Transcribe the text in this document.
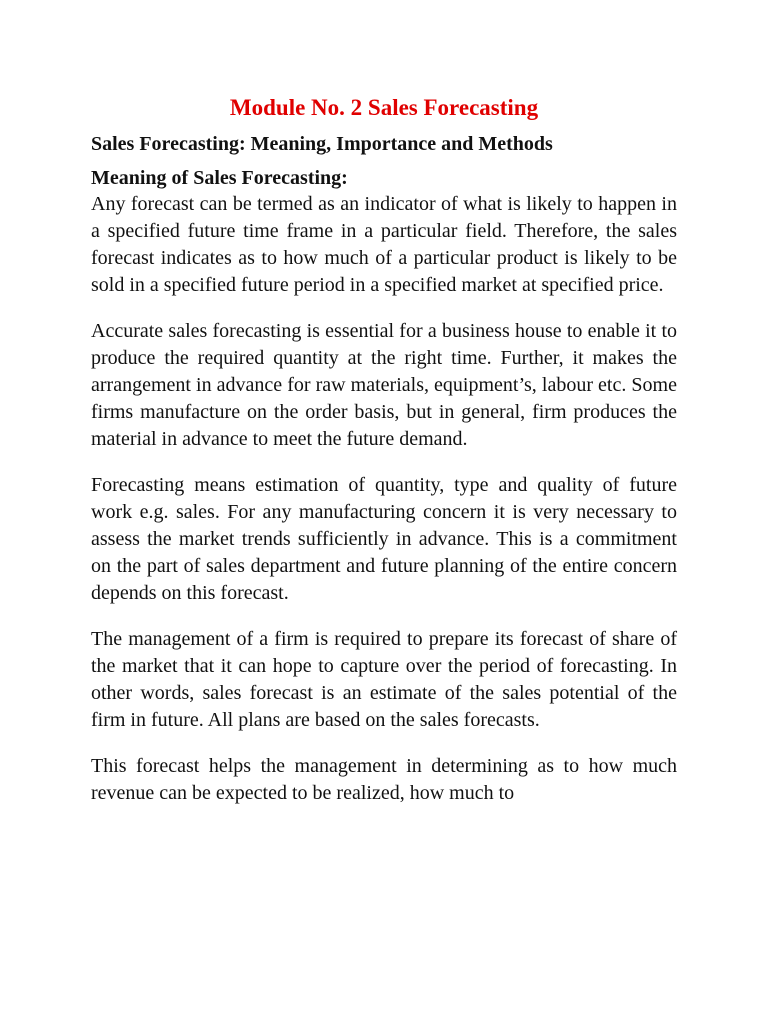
Module No. 2 Sales Forecasting
Sales Forecasting: Meaning, Importance and Methods
Meaning of Sales Forecasting:

Any forecast can be termed as an indicator of what is likely to happen in a specified future time frame in a particular field. Therefore, the sales forecast indicates as to how much of a particular product is likely to be sold in a specified future period in a specified market at specified price.

Accurate sales forecasting is essential for a business house to enable it to produce the required quantity at the right time. Further, it makes the arrangement in advance for raw materials, equipment’s, labour etc. Some firms manufacture on the order basis, but in general, firm produces the material in advance to meet the future demand.

Forecasting means estimation of quantity, type and quality of future work e.g. sales. For any manufacturing concern it is very necessary to assess the market trends sufficiently in advance. This is a commitment on the part of sales department and future planning of the entire concern depends on this forecast.

The management of a firm is required to prepare its forecast of share of the market that it can hope to capture over the period of forecasting. In other words, sales forecast is an estimate of the sales potential of the firm in future. All plans are based on the sales forecasts.

This forecast helps the management in determining as to how much revenue can be expected to be realized, how much to
